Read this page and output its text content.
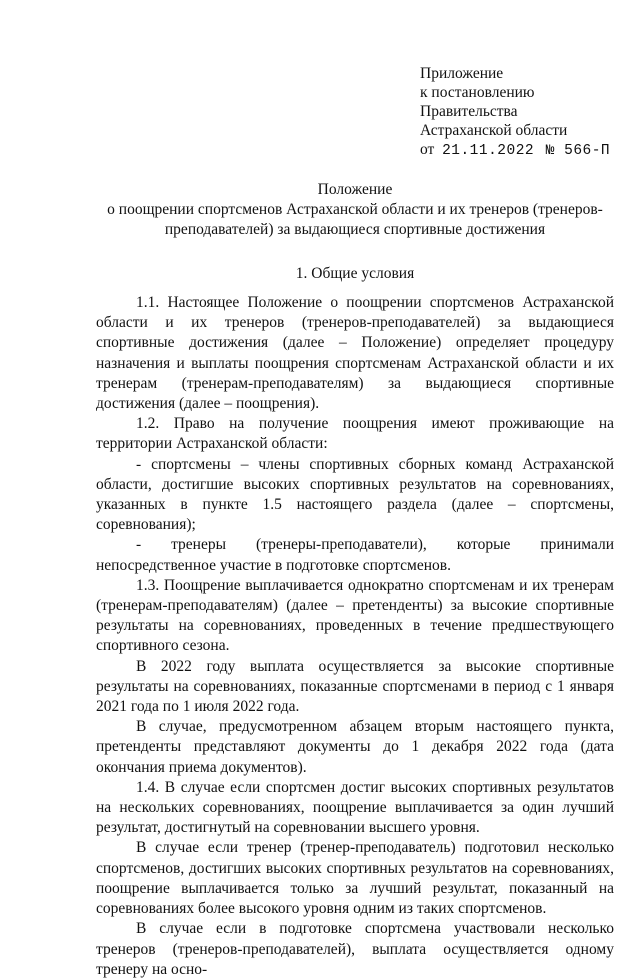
Приложение
к постановлению
Правительства
Астраханской области
от 21.11.2022 № 566-П
Положение
о поощрении спортсменов Астраханской области и их тренеров (тренеров-
преподавателей) за выдающиеся спортивные достижения
1. Общие условия

1.1. Настоящее Положение о поощрении спортсменов Астраханской области и их тренеров (тренеров-преподавателей) за выдающиеся спортивные достижения (далее – Положение) определяет процедуру назначения и выплаты поощрения спортсменам Астраханской области и их тренерам (тренерам-преподавателям) за выдающиеся спортивные достижения (далее – поощрения).

1.2. Право на получение поощрения имеют проживающие на территории Астраханской области:

- спортсмены – члены спортивных сборных команд Астраханской области, достигшие высоких спортивных результатов на соревнованиях, указанных в пункте 1.5 настоящего раздела (далее – спортсмены, соревнования);

- тренеры (тренеры-преподаватели), которые принимали непосредственное участие в подготовке спортсменов.

1.3. Поощрение выплачивается однократно спортсменам и их тренерам (тренерам-преподавателям) (далее – претенденты) за высокие спортивные результаты на соревнованиях, проведенных в течение предшествующего спортивного сезона.

В 2022 году выплата осуществляется за высокие спортивные результаты на соревнованиях, показанные спортсменами в период с 1 января 2021 года по 1 июля 2022 года.

В случае, предусмотренном абзацем вторым настоящего пункта, претенденты представляют документы до 1 декабря 2022 года (дата окончания приема документов).

1.4. В случае если спортсмен достиг высоких спортивных результатов на нескольких соревнованиях, поощрение выплачивается за один лучший результат, достигнутый на соревновании высшего уровня.

В случае если тренер (тренер-преподаватель) подготовил несколько спортсменов, достигших высоких спортивных результатов на соревнованиях, поощрение выплачивается только за лучший результат, показанный на соревнованиях более высокого уровня одним из таких спортсменов.

В случае если в подготовке спортсмена участвовали несколько тренеров (тренеров-преподавателей), выплата осуществляется одному тренеру на осно-
